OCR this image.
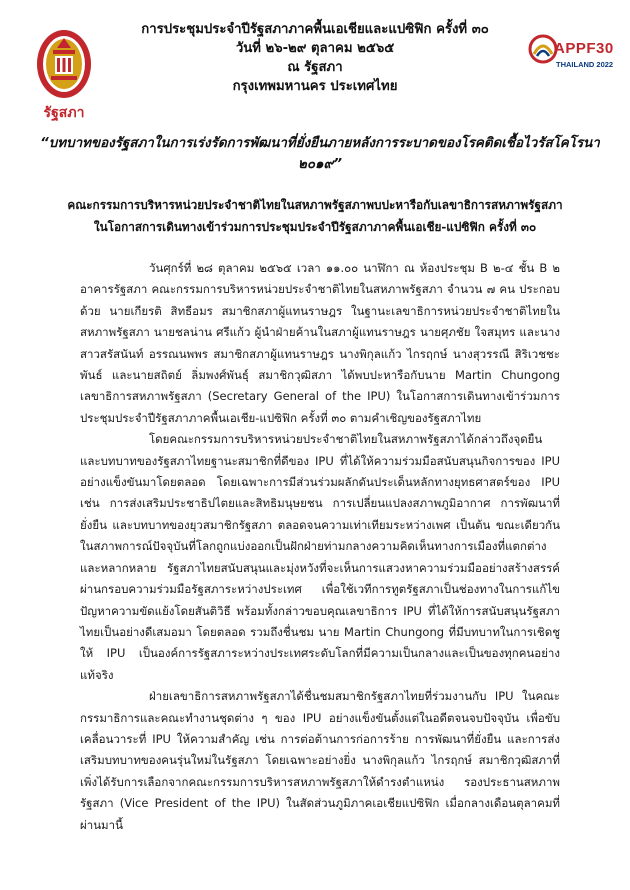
รัฐสภา
การประชุมประจำปีรัฐสภาภาคพื้นเอเชียและแปซิฟิก ครั้งที่ ๓๐
วันที่ ๒๖-๒๙ ตุลาคม ๒๕๖๕
ณ รัฐสภา
กรุงเทพมหานคร ประเทศไทย
APPF30
THAILAND 2022
“บทบาทของรัฐสภาในการเร่งรัดการพัฒนาที่ยั่งยืนภายหลังการระบาดของโรคติดเชื้อไวรัสโคโรนา ๒๐๑๙”
คณะกรรมการบริหารหน่วยประจำชาติไทยในสหภาพรัฐสภาพบปะหารือกับเลขาธิการสหภาพรัฐสภา
ในโอกาสการเดินทางเข้าร่วมการประชุมประจำปีรัฐสภาภาคพื้นเอเชีย-แปซิฟิก ครั้งที่ ๓๐

วันศุกร์ที่ ๒๘ ตุลาคม ๒๕๖๕ เวลา ๑๑.๐๐ นาฬิกา ณ ห้องประชุม B ๒-๔ ชั้น B ๒ อาคารรัฐสภา คณะกรรมการบริหารหน่วยประจำชาติไทยในสหภาพรัฐสภา จำนวน ๗ คน ประกอบด้วย นายเกียรติ สิทธีอมร สมาชิกสภาผู้แทนราษฎร ในฐานะเลขาธิการหน่วยประจำชาติไทยในสหภาพรัฐสภา นายชลน่าน ศรีแก้ว ผู้นำฝ่ายค้านในสภาผู้แทนราษฎร นายศุภชัย ใจสมุทร และนางสาวสรัสนันท์ อรรณนพพร สมาชิกสภาผู้แทนราษฎร นางพิกุลแก้ว ไกรฤกษ์ นางสุวรรณี สิริเวชชะพันธ์ และนายสถิตย์ ลิ่มพงศ์พันธุ์ สมาชิกวุฒิสภา ได้พบปะหารือกับนาย Martin Chungong เลขาธิการสหภาพรัฐสภา (Secretary General of the IPU) ในโอกาสการเดินทางเข้าร่วมการประชุมประจำปีรัฐสภาภาคพื้นเอเชีย-แปซิฟิก ครั้งที่ ๓๐ ตามคำเชิญของรัฐสภาไทย

โดยคณะกรรมการบริหารหน่วยประจำชาติไทยในสหภาพรัฐสภาได้กล่าวถึงจุดยืนและบทบาทของรัฐสภาไทยฐานะสมาชิกที่ดีของ IPU ที่ได้ให้ความร่วมมือสนับสนุนกิจการของ IPU อย่างแข็งขันมาโดยตลอด โดยเฉพาะการมีส่วนร่วมผลักดันประเด็นหลักทางยุทธศาสตร์ของ IPU เช่น การส่งเสริมประชาธิปไตยและสิทธิมนุษยชน การเปลี่ยนแปลงสภาพภูมิอากาศ การพัฒนาที่ยั่งยืน และบทบาทของยุวสมาชิกรัฐสภา ตลอดจนความเท่าเทียมระหว่างเพศ เป็นต้น ขณะเดียวกันในสภาพการณ์ปัจจุบันที่โลกถูกแบ่งออกเป็นฝักฝ่ายท่ามกลางความคิดเห็นทางการเมืองที่แตกต่างและหลากหลาย รัฐสภาไทยสนับสนุนและมุ่งหวังที่จะเห็นการแสวงหาความร่วมมืออย่างสร้างสรรค์ ผ่านกรอบความร่วมมือรัฐสภาระหว่างประเทศ เพื่อใช้เวทีการทูตรัฐสภาเป็นช่องทางในการแก้ไขปัญหาความขัดแย้งโดยสันติวิธี พร้อมทั้งกล่าวขอบคุณเลขาธิการ IPU ที่ได้ให้การสนับสนุนรัฐสภาไทยเป็นอย่างดีเสมอมา โดยตลอด รวมถึงชื่นชม นาย Martin Chungong ที่มีบทบาทในการเชิดชูให้ IPU เป็นองค์การรัฐสภาระหว่างประเทศระดับโลกที่มีความเป็นกลางและเป็นของทุกคนอย่างแท้จริง

ฝ่ายเลขาธิการสหภาพรัฐสภาได้ชื่นชมสมาชิกรัฐสภาไทยที่ร่วมงานกับ IPU ในคณะกรรมาธิการและคณะทำงานชุดต่าง ๆ ของ IPU อย่างแข็งขันตั้งแต่ในอดีตจนจบปัจจุบัน เพื่อขับเคลื่อนวาระที่ IPU ให้ความสำคัญ เช่น การต่อต้านการก่อการร้าย การพัฒนาที่ยั่งยืน และการส่งเสริมบทบาทของคนรุ่นใหม่ในรัฐสภา โดยเฉพาะอย่างยิ่ง นางพิกุลแก้ว ไกรฤกษ์ สมาชิกวุฒิสภาที่เพิ่งได้รับการเลือกจากคณะกรรมการบริหารสหภาพรัฐสภาให้ดำรงตำแหน่ง รองประธานสหภาพรัฐสภา (Vice President of the IPU) ในสัดส่วนภูมิภาคเอเชียแปซิฟิก เมื่อกลางเดือนตุลาคมที่ผ่านมานี้
